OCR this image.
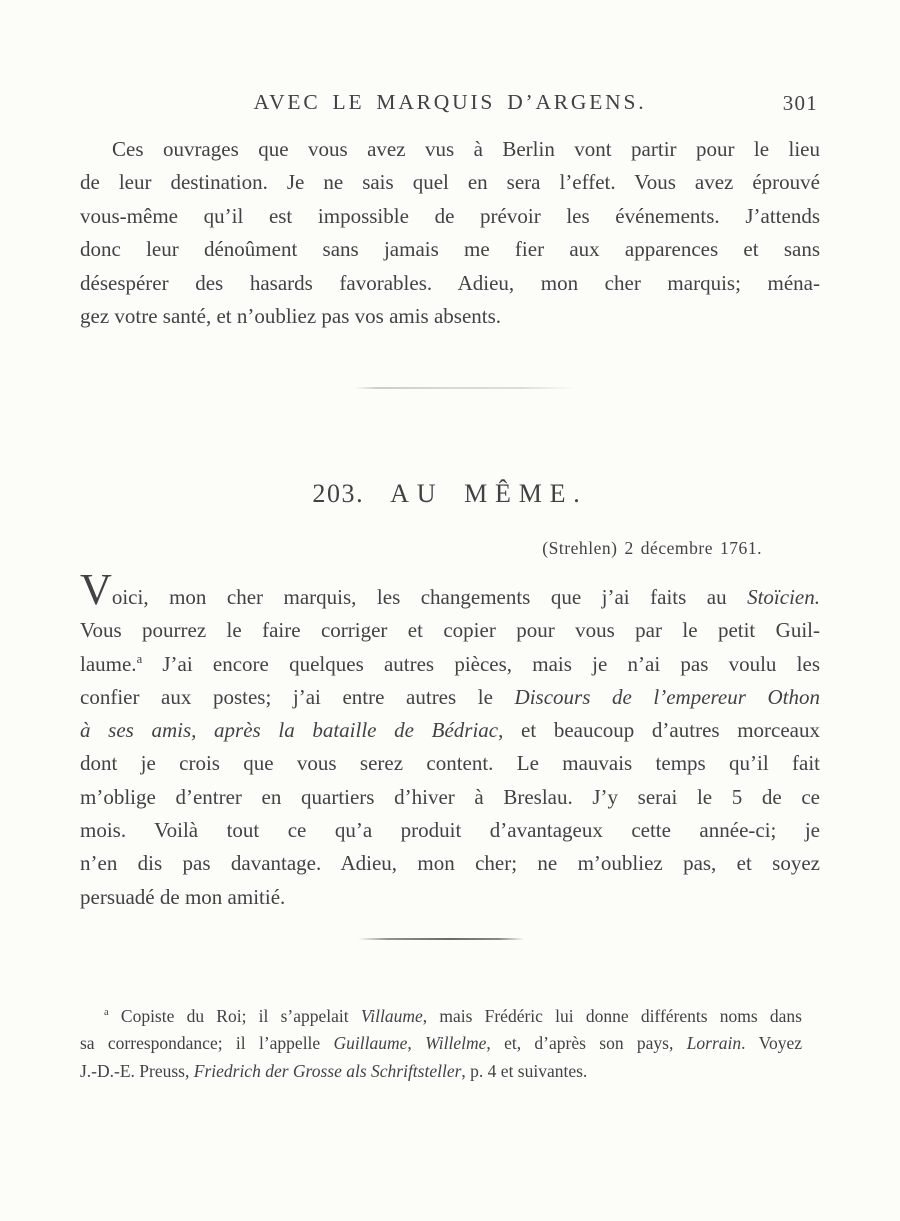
AVEC LE MARQUIS D’ARGENS.	301
Ces ouvrages que vous avez vus à Berlin vont partir pour le lieu
de leur destination. Je ne sais quel en sera l’effet. Vous avez éprouvé
vous-même qu’il est impossible de prévoir les événements. J’attends
donc leur dénoûment sans jamais me fier aux apparences et sans
désespérer des hasards favorables. Adieu, mon cher marquis; ména-
gez votre santé, et n’oubliez pas vos amis absents.
203. AU MÊME.
(Strehlen) 2 décembre 1761.
Voici, mon cher marquis, les changements que j’ai faits au Stoïcien.
Vous pourrez le faire corriger et copier pour vous par le petit Guil-
laume.$^a$ J’ai encore quelques autres pièces, mais je n’ai pas voulu les
confier aux postes; j’ai entre autres le Discours de l’empereur Othon
à ses amis, après la bataille de Bédriac, et beaucoup d’autres morceaux
dont je crois que vous serez content. Le mauvais temps qu’il fait
m’oblige d’entrer en quartiers d’hiver à Breslau. J’y serai le 5 de ce
mois. Voilà tout ce qu’a produit d’avantageux cette année-ci; je
n’en dis pas davantage. Adieu, mon cher; ne m’oubliez pas, et soyez
persuadé de mon amitié.
$^a$ Copiste du Roi; il s’appelait Villaume, mais Frédéric lui donne différents noms dans
sa correspondance; il l’appelle Guillaume, Willelme, et, d’après son pays, Lorrain. Voyez
J.-D.-E. Preuss, Friedrich der Grosse als Schriftsteller, p. 4 et suivantes.
